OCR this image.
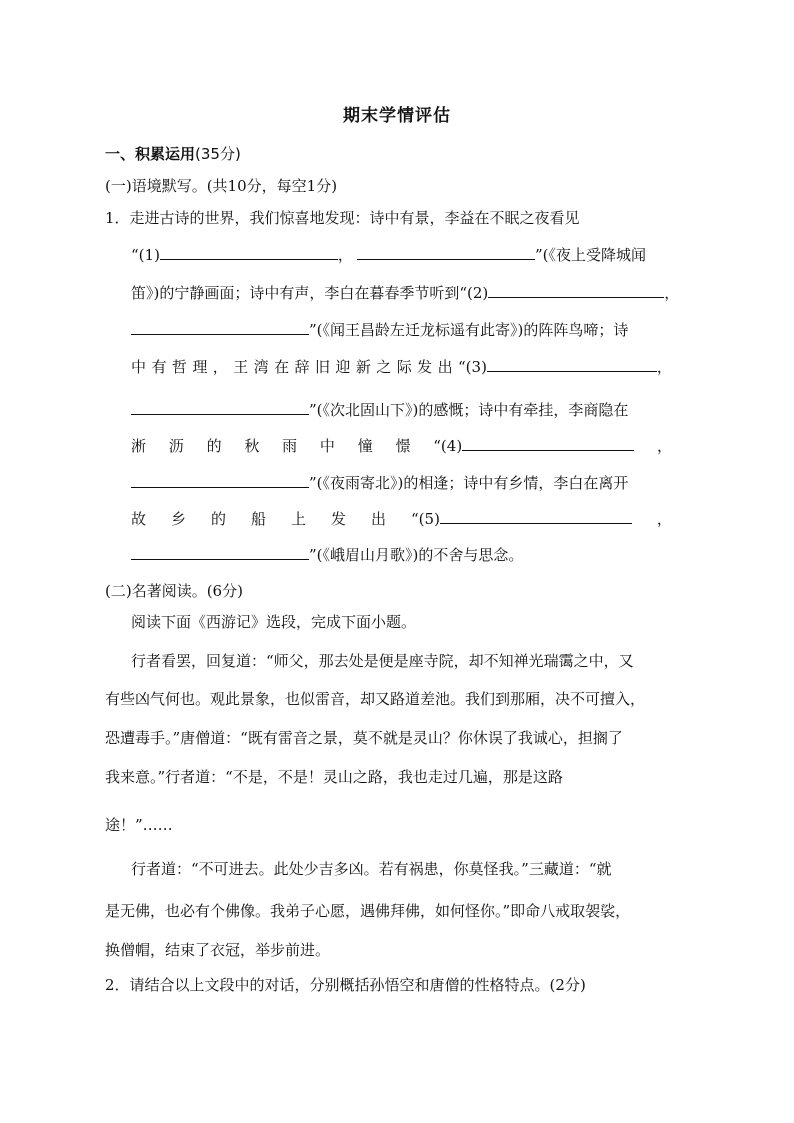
期末学情评估
一、积累运用(35分)
(一)语境默写。(共10分，每空1分)
1．走进古诗的世界，我们惊喜地发现：诗中有景，李益在不眠之夜看见
“(1)	，	”(《夜上受降城闻
笛》)的宁静画面；诗中有声，李白在暮春季节听到“(2)	，
”(《闻王昌龄左迁龙标遥有此寄》)的阵阵鸟啼；诗
中 有 哲 理 ， 王 湾 在 辞 旧 迎 新 之 际 发 出 “(3)	，
”(《次北固山下》)的感慨；诗中有牵挂，李商隐在
淅 沥 的 秋 雨 中 憧 憬 “(4)	，
”(《夜雨寄北》)的相逢；诗中有乡情，李白在离开
故 乡 的 船 上 发 出 “(5)	，
”(《峨眉山月歌》)的不舍与思念。
(二)名著阅读。(6分)
阅读下面《西游记》选段，完成下面小题。
行者看罢，回复道：“师父，那去处是便是座寺院，却不知禅光瑞霭之中，又
有些凶气何也。观此景象，也似雷音，却又路道差池。我们到那厢，决不可擅入，
恐遭毒手。”唐僧道：“既有雷音之景，莫不就是灵山？你休误了我诚心，担搁了
我来意。”行者道：“不是，不是！灵山之路，我也走过几遍，那是这路
途！”……
行者道：“不可进去。此处少吉多凶。若有祸患，你莫怪我。”三藏道：“就
是无佛，也必有个佛像。我弟子心愿，遇佛拜佛，如何怪你。”即命八戒取袈裟，
换僧帽，结束了衣冠，举步前进。
2．请结合以上文段中的对话，分别概括孙悟空和唐僧的性格特点。(2分)
